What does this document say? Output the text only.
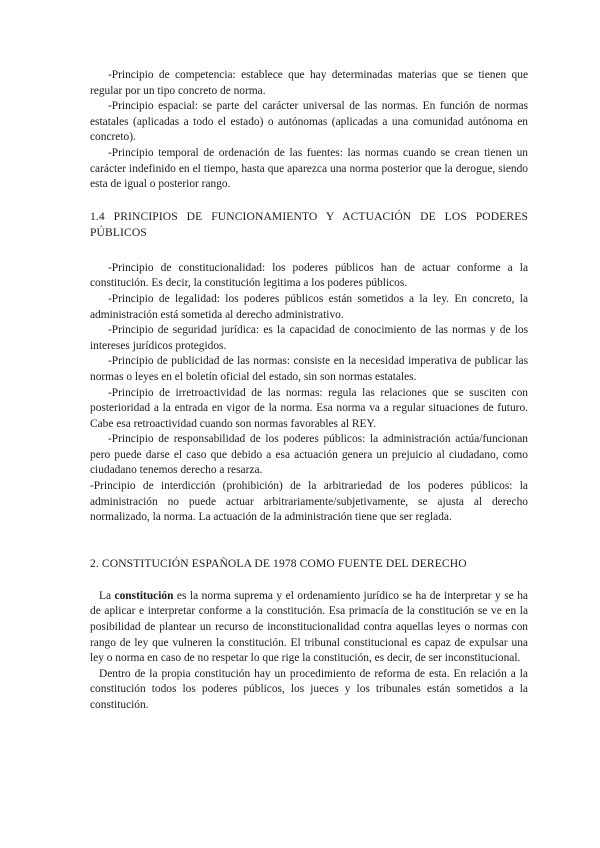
-Principio de competencia: establece que hay determinadas materias que se tienen que regular por un tipo concreto de norma.

-Principio espacial: se parte del carácter universal de las normas. En función de normas estatales (aplicadas a todo el estado) o autónomas (aplicadas a una comunidad autónoma en concreto).

-Principio temporal de ordenación de las fuentes: las normas cuando se crean tienen un carácter indefinido en el tiempo, hasta que aparezca una norma posterior que la derogue, siendo esta de igual o posterior rango.

1.4 PRINCIPIOS DE FUNCIONAMIENTO Y ACTUACIÓN DE LOS PODERES PÚBLICOS

-Principio de constitucionalidad: los poderes públicos han de actuar conforme a la constitución. Es decir, la constitución legitima a los poderes públicos.

-Principio de legalidad: los poderes públicos están sometidos a la ley. En concreto, la administración está sometida al derecho administrativo.

-Principio de seguridad jurídica: es la capacidad de conocimiento de las normas y de los intereses jurídicos protegidos.

-Principio de publicidad de las normas: consiste en la necesidad imperativa de publicar las normas o leyes en el boletín oficial del estado, sin son normas estatales.

-Principio de irretroactividad de las normas: regula las relaciones que se susciten con posterioridad a la entrada en vigor de la norma. Esa norma va a regular situaciones de futuro. Cabe esa retroactividad cuando son normas favorables al REY.

-Principio de responsabilidad de los poderes públicos: la administración actúa/funcionan pero puede darse el caso que debido a esa actuación genera un prejuicio al ciudadano, como ciudadano tenemos derecho a resarza.

-Principio de interdicción (prohibición) de la arbitrariedad de los poderes públicos: la administración no puede actuar arbitrariamente/subjetivamente, se ajusta al derecho normalizado, la norma. La actuación de la administración tiene que ser reglada.

2. CONSTITUCIÓN ESPAÑOLA DE 1978 COMO FUENTE DEL DERECHO

La constitución es la norma suprema y el ordenamiento jurídico se ha de interpretar y se ha de aplicar e interpretar conforme a la constitución. Esa primacía de la constitución se ve en la posibilidad de plantear un recurso de inconstitucionalidad contra aquellas leyes o normas con rango de ley que vulneren la constitución. El tribunal constitucional es capaz de expulsar una ley o norma en caso de no respetar lo que rige la constitución, es decir, de ser inconstitucional.

Dentro de la propia constitución hay un procedimiento de reforma de esta. En relación a la constitución todos los poderes públicos, los jueces y los tribunales están sometidos a la constitución.
